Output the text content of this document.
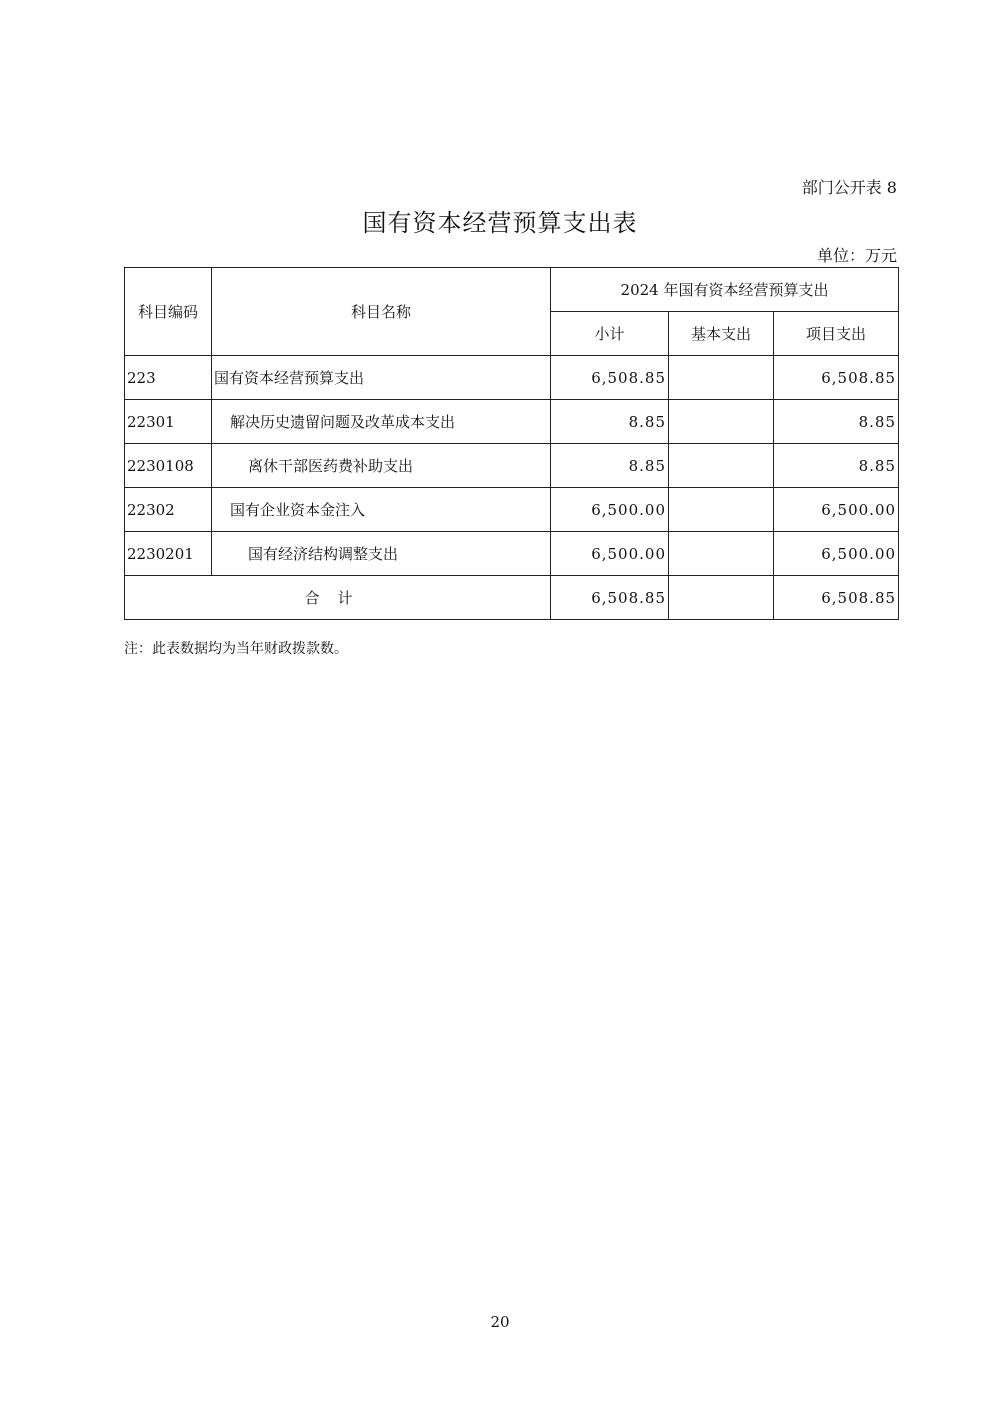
部门公开表 8
国有资本经营预算支出表
单位：万元
科目编码	科目名称	2024 年国有资本经营预算支出		
		小计	基本支出	项目支出
223	国有资本经营预算支出	6,508.85		6,508.85
22301	解决历史遗留问题及改革成本支出	8.85		8.85
2230108	离休干部医药费补助支出	8.85		8.85
22302	国有企业资本金注入	6,500.00		6,500.00
2230201	国有经济结构调整支出	6,500.00		6,500.00
合计		6,508.85		6,508.85
注：此表数据均为当年财政拨款数。
20
